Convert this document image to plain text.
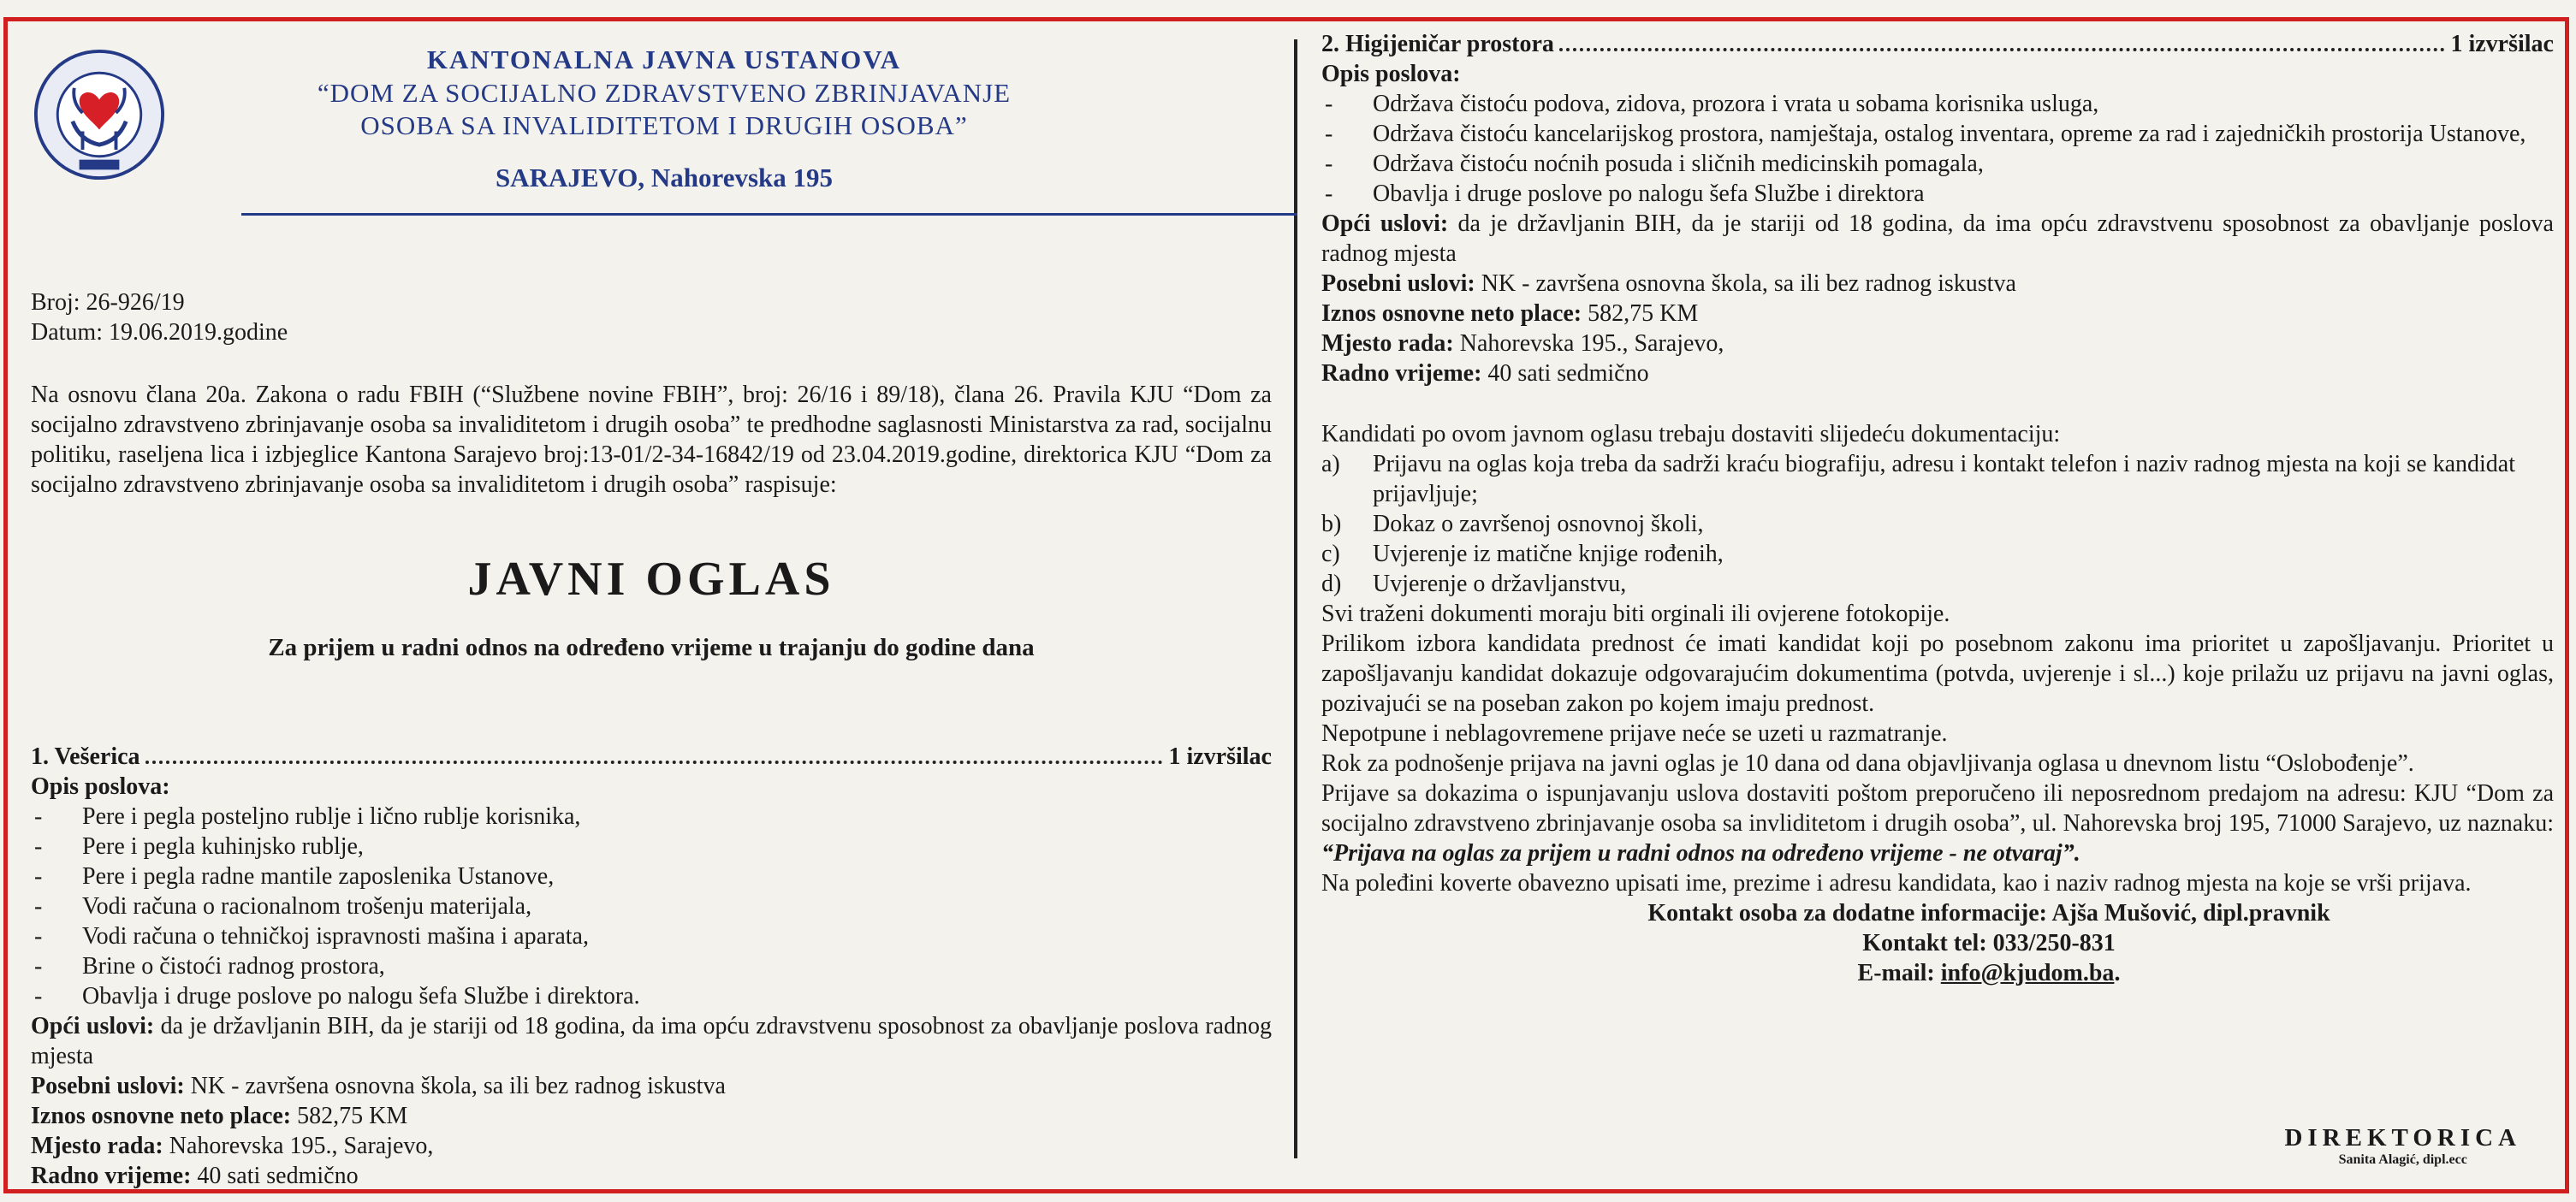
KANTONALNA JAVNA USTANOVA
“DOM ZA SOCIJALNO ZDRAVSTVENO ZBRINJAVANJE
OSOBA SA INVALIDITETOM I DRUGIH OSOBA”
SARAJEVO, Nahorevska 195
Broj: 26-926/19
Datum: 19.06.2019.godine
Na osnovu člana 20a. Zakona o radu FBIH (“Službene novine FBIH”, broj: 26/16 i 89/18), člana 26. Pravila KJU “Dom za socijalno zdravstveno zbrinjavanje osoba sa invaliditetom i drugih osoba” te predhodne saglasnosti Ministarstva za rad, socijalnu politiku, raseljena lica i izbjeglice Kantona Sarajevo broj:13-01/2-34-16842/19 od 23.04.2019.godine, direktorica KJU “Dom za socijalno zdravstveno zbrinjavanje osoba sa invaliditetom i drugih osoba” raspisuje:
JAVNI OGLAS
Za prijem u radni odnos na određeno vrijeme u trajanju do godine dana
1. Vešerica	1 izvršilac
Opis poslova:
- Pere i pegla posteljno rublje i lično rublje korisnika,
- Pere i pegla kuhinjsko rublje,
- Pere i pegla radne mantile zaposlenika Ustanove,
- Vodi računa o racionalnom trošenju materijala,
- Vodi računa o tehničkoj ispravnosti mašina i aparata,
- Brine o čistoći radnog prostora,
- Obavlja i druge poslove po nalogu šefa Službe i direktora.
Opći uslovi: da je državljanin BIH, da je stariji od 18 godina, da ima opću zdravstvenu sposobnost za obavljanje poslova radnog mjesta
Posebni uslovi: NK - završena osnovna škola, sa ili bez radnog iskustva
Iznos osnovne neto place: 582,75 KM
Mjesto rada: Nahorevska 195., Sarajevo,
Radno vrijeme: 40 sati sedmično
2. Higijeničar prostora	1 izvršilac
Opis poslova:
- Održava čistoću podova, zidova, prozora i vrata u sobama korisnika usluga,
- Održava čistoću kancelarijskog prostora, namještaja, ostalog inventara, opreme za rad i zajedničkih prostorija Ustanove,
- Održava čistoću noćnih posuda i sličnih medicinskih pomagala,
- Obavlja i druge poslove po nalogu šefa Službe i direktora
Opći uslovi: da je državljanin BIH, da je stariji od 18 godina, da ima opću zdravstvenu sposobnost za obavljanje poslova radnog mjesta
Posebni uslovi: NK - završena osnovna škola, sa ili bez radnog iskustva
Iznos osnovne neto place: 582,75 KM
Mjesto rada: Nahorevska 195., Sarajevo,
Radno vrijeme: 40 sati sedmično
Kandidati po ovom javnom oglasu trebaju dostaviti slijedeću dokumentaciju:
a)	Prijavu na oglas koja treba da sadrži kraću biografiju, adresu i kontakt telefon i naziv radnog mjesta na koji se kandidat prijavljuje;
b)	Dokaz o završenoj osnovnoj školi,
c)	Uvjerenje iz matične knjige rođenih,
d)	Uvjerenje o državljanstvu,
Svi traženi dokumenti moraju biti orginali ili ovjerene fotokopije.
Prilikom izbora kandidata prednost će imati kandidat koji po posebnom zakonu ima prioritet u zapošljavanju. Prioritet u zapošljavanju kandidat dokazuje odgovarajućim dokumentima (potvda, uvjerenje i sl...) koje prilažu uz prijavu na javni oglas, pozivajući se na poseban zakon po kojem imaju prednost.
Nepotpune i neblagovremene prijave neće se uzeti u razmatranje.
Rok za podnošenje prijava na javni oglas je 10 dana od dana objavljivanja oglasa u dnevnom listu “Oslobođenje”.
Prijave sa dokazima o ispunjavanju uslova dostaviti poštom preporučeno ili neposrednom predajom na adresu: KJU “Dom za socijalno zdravstveno zbrinjavanje osoba sa invliditetom i drugih osoba”, ul. Nahorevska broj 195, 71000 Sarajevo, uz naznaku: “Prijava na oglas za prijem u radni odnos na određeno vrijeme - ne otvaraj”.
Na poleđini koverte obavezno upisati ime, prezime i adresu kandidata, kao i naziv radnog mjesta na koje se vrši prijava.
Kontakt osoba za dodatne informacije: Ajša Mušović, dipl.pravnik
Kontakt tel: 033/250-831
E-mail: info@kjudom.ba.
DIREKTORICA
Sanita Alagić, dipl.ecc
